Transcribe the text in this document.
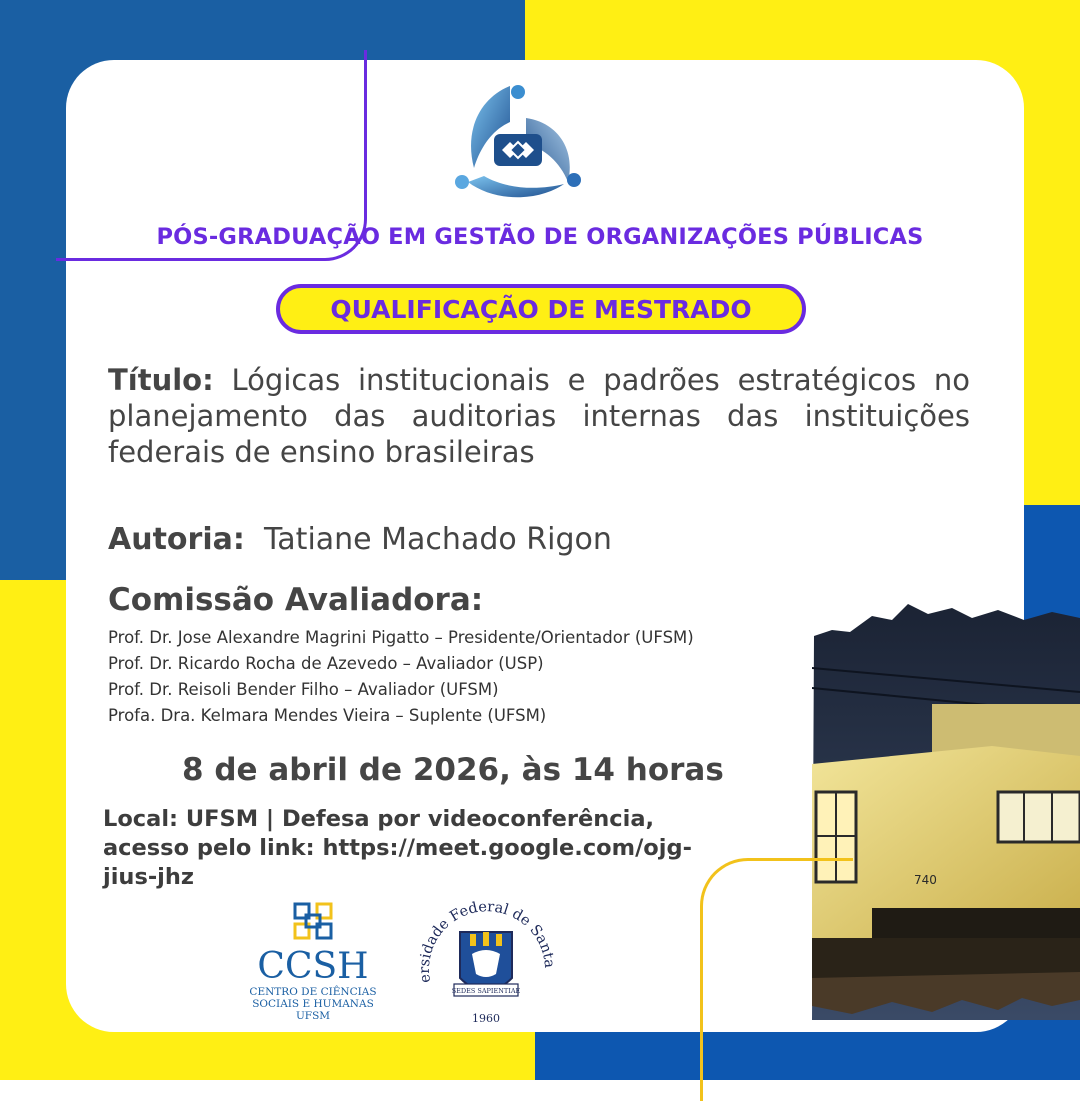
PÓS-GRADUAÇÃO EM GESTÃO DE ORGANIZAÇÕES PÚBLICAS
QUALIFICAÇÃO DE MESTRADO
Título: Lógicas institucionais e padrões estratégicos no planejamento das auditorias internas das instituições federais de ensino brasileiras
Autoria: Tatiane Machado Rigon
Comissão Avaliadora:
Prof. Dr. Jose Alexandre Magrini Pigatto – Presidente/Orientador (UFSM)
Prof. Dr. Ricardo Rocha de Azevedo – Avaliador (USP)
Prof. Dr. Reisoli Bender Filho – Avaliador (UFSM)
Profa. Dra. Kelmara Mendes Vieira – Suplente (UFSM)
8 de abril de 2026, às 14 horas
Local: UFSM | Defesa por videoconferência, acesso pelo link: https://meet.google.com/ojg-jius-jhz	740
CCSH
CENTRO DE CIÊNCIAS
SOCIAIS E HUMANAS
UFSM
ersidade Federal de Santa
SEDES SAPIENTIAE
1960
